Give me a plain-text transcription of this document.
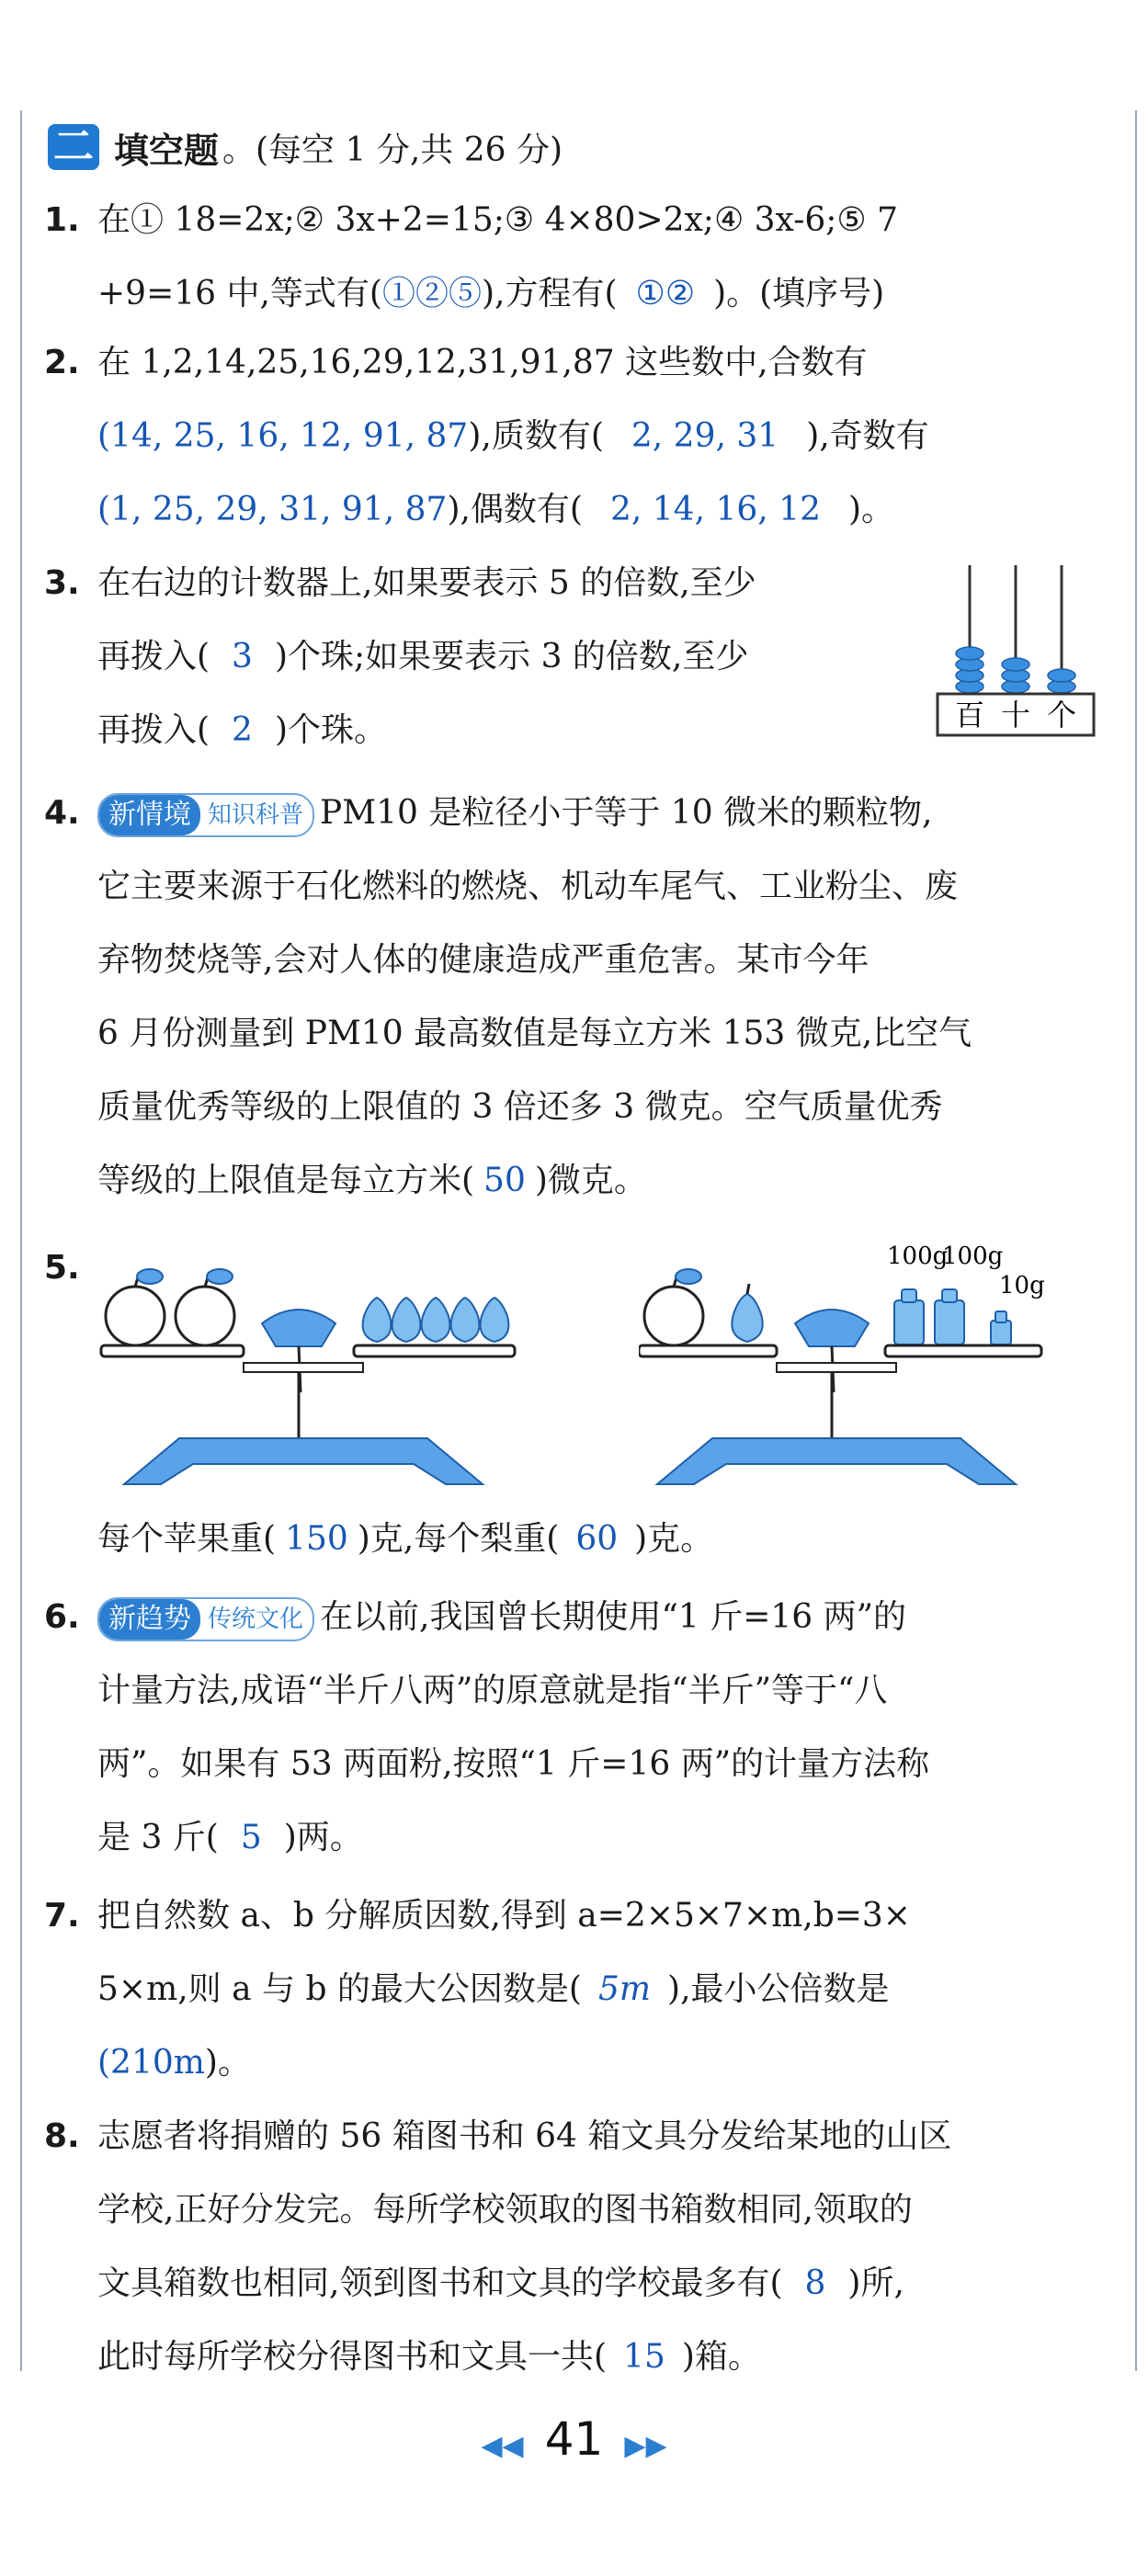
二 填空题 。(每空 1 分,共 26 分)
1. 在① 18=2x;② 3x+2=15;③ 4×80>2x;④ 3x-6;⑤ 7
+9=16 中,等式有(①②⑤),方程有( ①② )。(填序号)
2. 在 1,2,14,25,16,29,12,31,91,87 这些数中,合数有
(14, 25, 16, 12, 91, 87),质数有( 2, 29, 31 ),奇数有
(1, 25, 29, 31, 91, 87),偶数有( 2, 14, 16, 12 )。
3. 在右边的计数器上,如果要表示 5 的倍数,至少
再拨入( 3 )个珠;如果要表示 3 的倍数,至少
再拨入( 2 )个珠。	百 十 个
4.	新情境 知识科普 PM10 是粒径小于等于 10 微米的颗粒物,
它主要来源于石化燃料的燃烧、机动车尾气、工业粉尘、废
弃物焚烧等,会对人体的健康造成严重危害。某市今年
6 月份测量到 PM10 最高数值是每立方米 153 微克,比空气
质量优秀等级的上限值的 3 倍还多 3 微克。空气质量优秀
等级的上限值是每立方米( 50 )微克。
5.	100g
100g
10g
每个苹果重( 150 )克,每个梨重( 60 )克。
6.	新趋势 传统文化 在以前,我国曾长期使用“1 斤=16 两”的
计量方法,成语“半斤八两”的原意就是指“半斤”等于“八
两”。如果有 53 两面粉,按照“1 斤=16 两”的计量方法称
是 3 斤( 5 )两。
7. 把自然数 a、b 分解质因数,得到 a=2×5×7×m,b=3×
5×m,则 a 与 b 的最大公因数是( 5m ),最小公倍数是
(210m)。
8. 志愿者将捐赠的 56 箱图书和 64 箱文具分发给某地的山区
学校,正好分发完。每所学校领取的图书箱数相同,领取的
文具箱数也相同,领到图书和文具的学校最多有( 8 )所,
此时每所学校分得图书和文具一共( 15 )箱。
◀◀ 41 ▶▶
